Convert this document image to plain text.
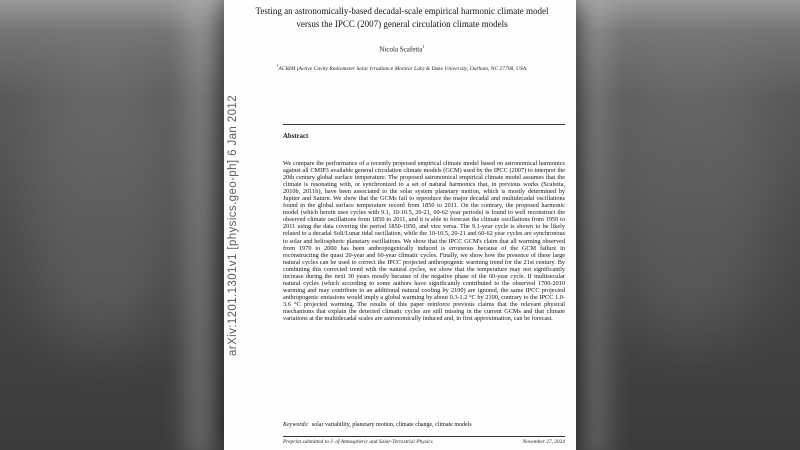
arXiv:1201.1301v1 [physics.geo-ph] 6 Jan 2012
Testing an astronomically-based decadal-scale empirical harmonic climate model versus the IPCC (2007) general circulation climate models
Nicola Scafetta$^1$
$^1$ACRIM (Active Cavity Radiometer Solar Irradiance Monitor Lab) & Duke University, Durham, NC 27708, USA.
Abstract

We compare the performance of a recently proposed empirical climate model based on astronomical harmonics against all CMIP3 available general circulation climate models (GCM) used by the IPCC (2007) to interpret the 20th century global surface temperature. The proposed astronomical empirical climate model assumes that the climate is resonating with, or synchronized to a set of natural harmonics that, in previous works (Scafetta, 2010b, 2011b), have been associated to the solar system planetary motion, which is mostly determined by Jupiter and Saturn. We show that the GCMs fail to reproduce the major decadal and multidecadal oscillations found in the global surface temperature record from 1850 to 2011. On the contrary, the proposed harmonic model (which herein uses cycles with 9.1, 10-10.5, 20-21, 60-62 year periods) is found to well reconstruct the observed climate oscillations from 1850 to 2011, and it is able to forecast the climate oscillations from 1950 to 2011 using the data covering the period 1850-1950, and vice versa. The 9.1-year cycle is shown to be likely related to a decadal Soli/Lunar tidal oscillation, while the 10-10.5, 20-21 and 60-62 year cycles are synchronous to solar and heliospheric planetary oscillations. We show that the IPCC GCM's claim that all warming observed from 1970 to 2000 has been anthropogenically induced is erroneous because of the GCM failure in reconstructing the quasi 20-year and 60-year climatic cycles. Finally, we show how the presence of these large natural cycles can be used to correct the IPCC projected anthropogenic warming trend for the 21st century. By combining this corrected trend with the natural cycles, we show that the temperature may not significantly increase during the next 30 years mostly because of the negative phase of the 60-year cycle. If multisecular natural cycles (which according to some authors have significantly contributed to the observed 1700-2010 warming and may contribute to an additional natural cooling by 2100) are ignored, the same IPCC projected anthropogenic emissions would imply a global warming by about 0.3-1.2 °C by 2100, contrary to the IPCC 1.0-3.6 °C projected warming. The results of this paper reinforce previous claims that the relevant physical mechanisms that explain the detected climatic cycles are still missing in the current GCMs and that climate variations at the multidecadal scales are astronomically induced and, in first approximation, can be forecast.

Keywords: solar variability, planetary motion, climate change, climate models
Preprint submitted to J. of Atmospheric and Solar-Terrestrial Physics	November 27, 2024
